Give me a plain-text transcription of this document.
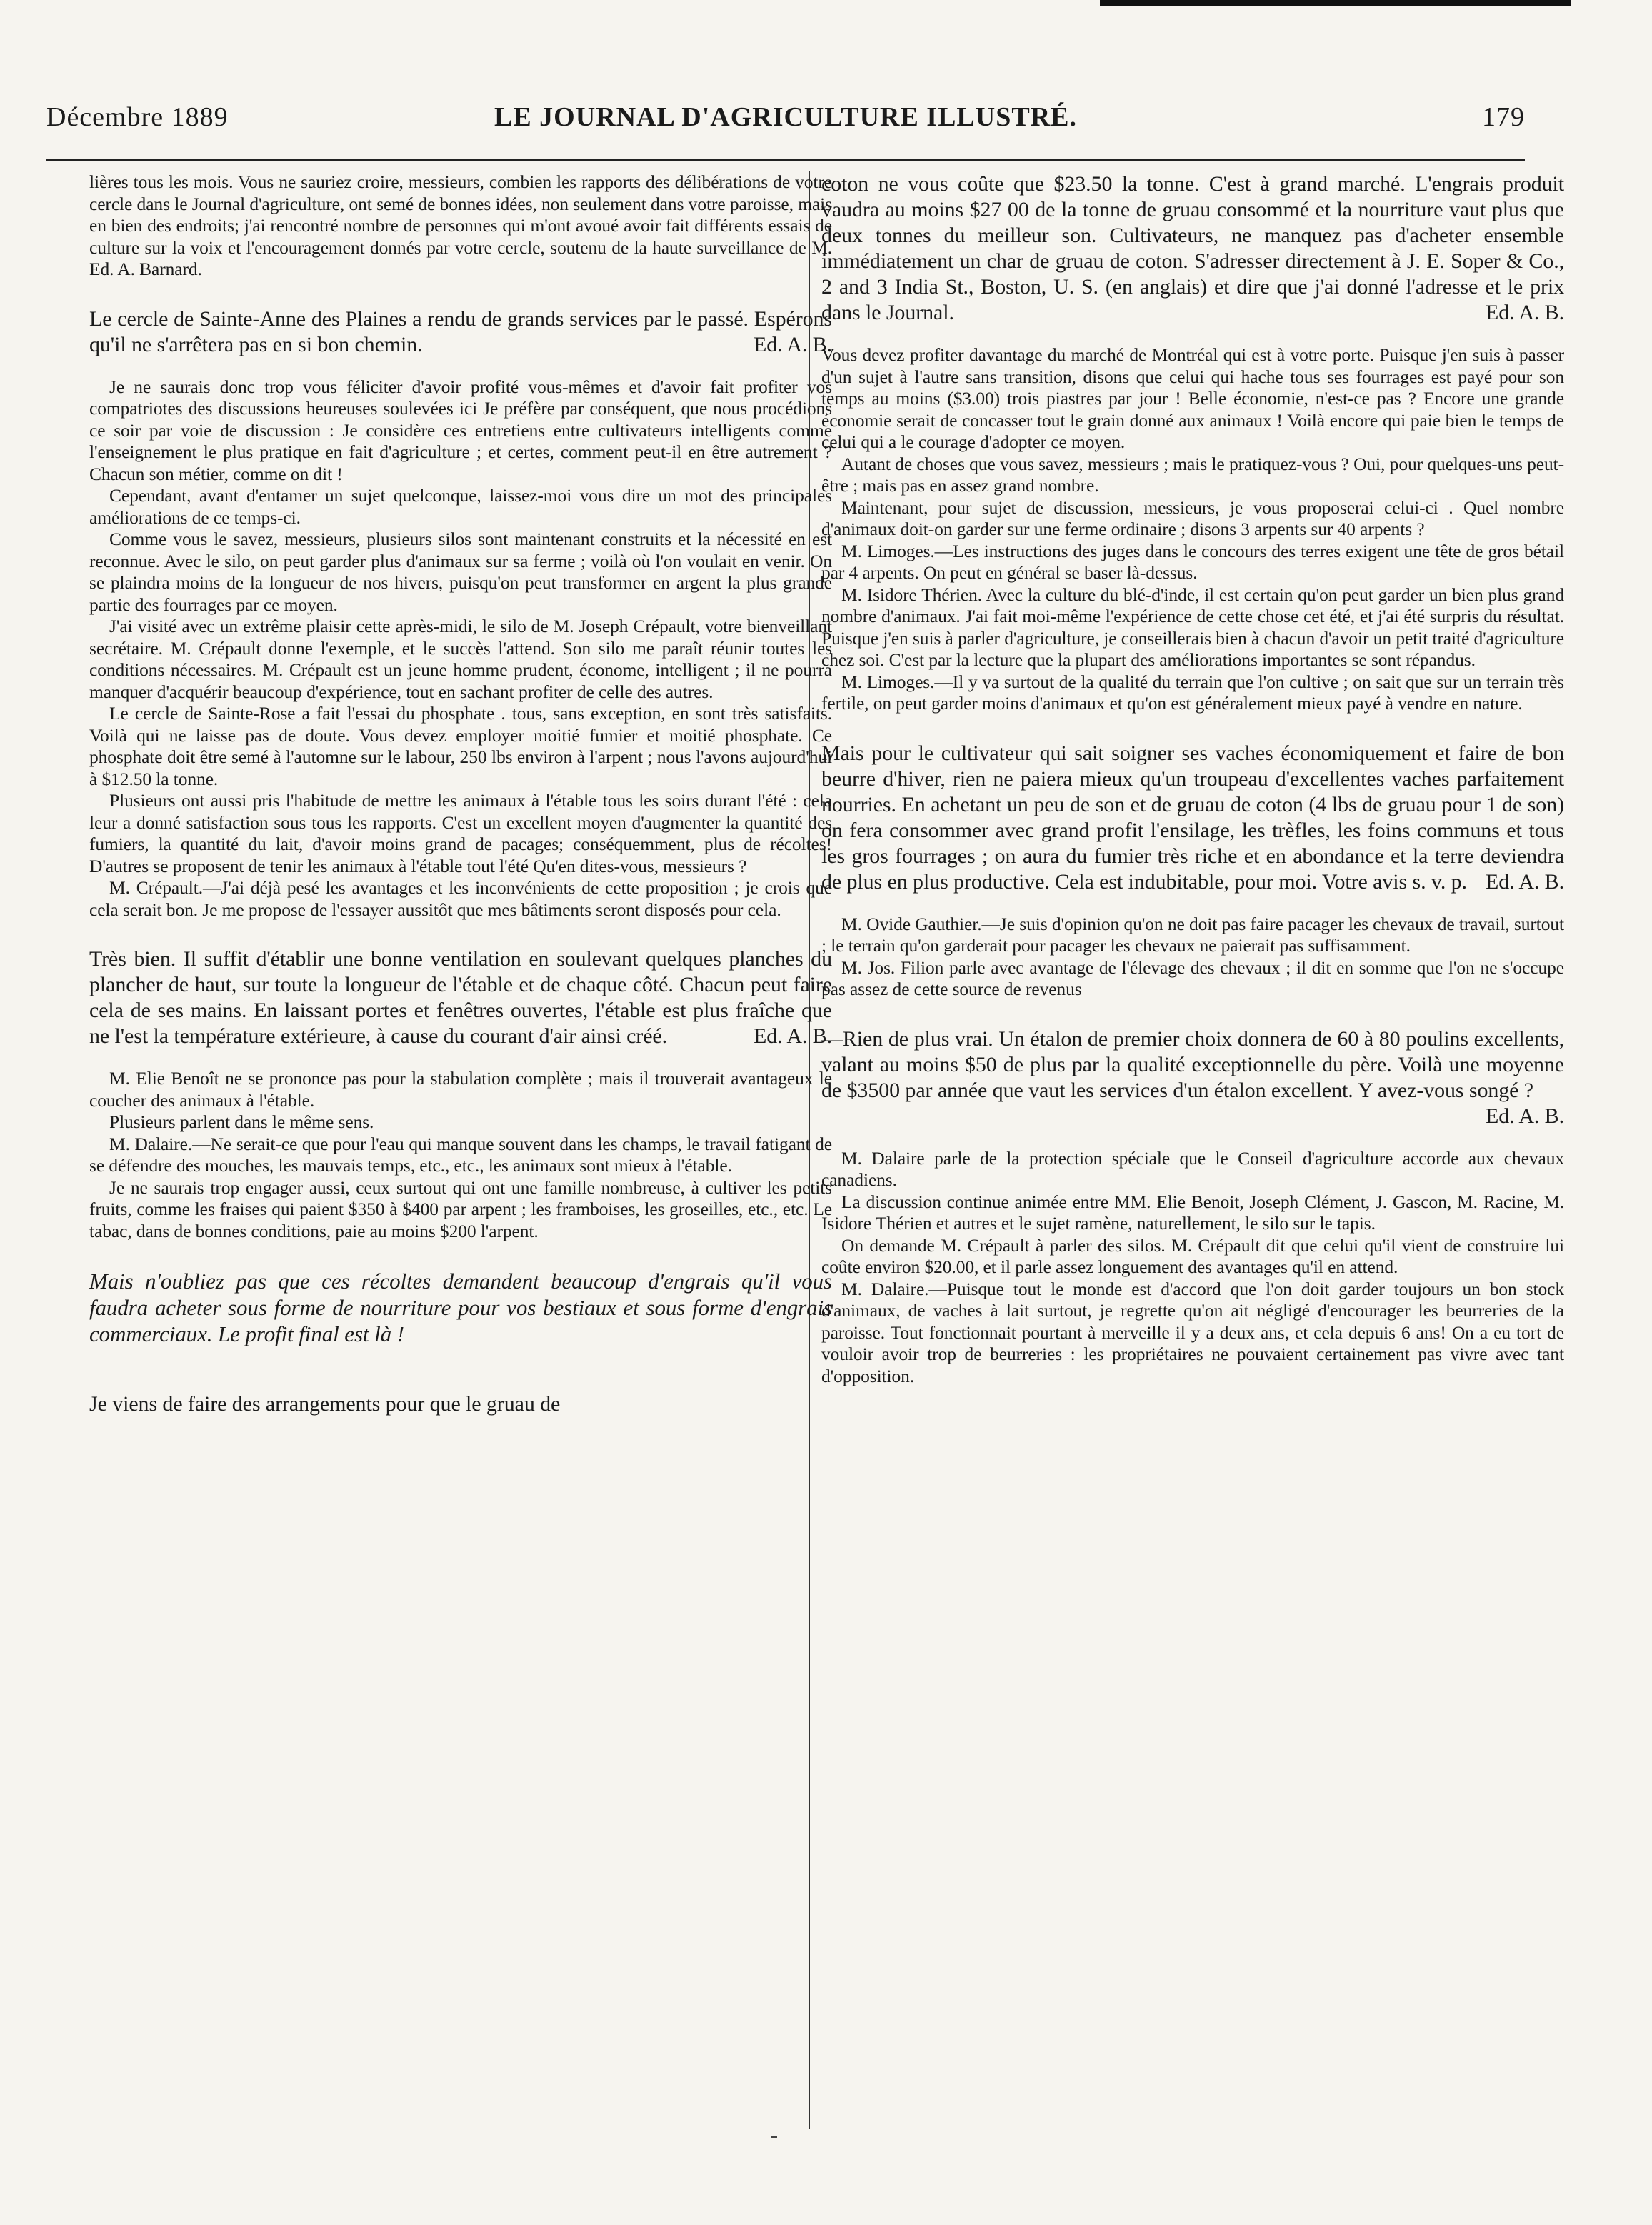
Décembre 1889	LE JOURNAL D'AGRICULTURE ILLUSTRÉ.	179

lières tous les mois. Vous ne sauriez croire, messieurs, combien les rapports des délibérations de votre cercle dans le Journal d'agriculture, ont semé de bonnes idées, non seulement dans votre paroisse, mais en bien des endroits; j'ai rencontré nombre de personnes qui m'ont avoué avoir fait différents essais de culture sur la voix et l'encouragement donnés par votre cercle, soutenu de la haute surveillance de M. Ed. A. Barnard.

Le cercle de Sainte-Anne des Plaines a rendu de grands services par le passé. Espérons qu'il ne s'arrêtera pas en si bon chemin.	Ed. A. B.

Je ne saurais donc trop vous féliciter d'avoir profité vous-mêmes et d'avoir fait profiter vos compatriotes des discussions heureuses soulevées ici Je préfère par conséquent, que nous procédions ce soir par voie de discussion : Je considère ces entretiens entre cultivateurs intelligents comme l'enseignement le plus pratique en fait d'agriculture ; et certes, comment peut-il en être autrement ? Chacun son métier, comme on dit !

Cependant, avant d'entamer un sujet quelconque, laissez-moi vous dire un mot des principales améliorations de ce temps-ci.

Comme vous le savez, messieurs, plusieurs silos sont maintenant construits et la nécessité en est reconnue. Avec le silo, on peut garder plus d'animaux sur sa ferme ; voilà où l'on voulait en venir. On se plaindra moins de la longueur de nos hivers, puisqu'on peut transformer en argent la plus grande partie des fourrages par ce moyen.

J'ai visité avec un extrême plaisir cette après-midi, le silo de M. Joseph Crépault, votre bienveillant secrétaire. M. Crépault donne l'exemple, et le succès l'attend. Son silo me paraît réunir toutes les conditions nécessaires. M. Crépault est un jeune homme prudent, économe, intelligent ; il ne pourra manquer d'acquérir beaucoup d'expérience, tout en sachant profiter de celle des autres.

Le cercle de Sainte-Rose a fait l'essai du phosphate . tous, sans exception, en sont très satisfaits. Voilà qui ne laisse pas de doute. Vous devez employer moitié fumier et moitié phosphate. Ce phosphate doit être semé à l'automne sur le labour, 250 lbs environ à l'arpent ; nous l'avons aujourd'hui à $12.50 la tonne.

Plusieurs ont aussi pris l'habitude de mettre les animaux à l'étable tous les soirs durant l'été : cela leur a donné satisfaction sous tous les rapports. C'est un excellent moyen d'augmenter la quantité des fumiers, la quantité du lait, d'avoir moins grand de pacages; conséquemment, plus de récoltes! D'autres se proposent de tenir les animaux à l'étable tout l'été Qu'en dites-vous, messieurs ?

M. Crépault.—J'ai déjà pesé les avantages et les inconvénients de cette proposition ; je crois que cela serait bon. Je me propose de l'essayer aussitôt que mes bâtiments seront disposés pour cela.

Très bien. Il suffit d'établir une bonne ventilation en soulevant quelques planches du plancher de haut, sur toute la longueur de l'étable et de chaque côté. Chacun peut faire cela de ses mains. En laissant portes et fenêtres ouvertes, l'étable est plus fraîche que ne l'est la température extérieure, à cause du courant d'air ainsi créé.	Ed. A. B.

M. Elie Benoît ne se prononce pas pour la stabulation complète ; mais il trouverait avantageux le coucher des animaux à l'étable.

Plusieurs parlent dans le même sens.

M. Dalaire.—Ne serait-ce que pour l'eau qui manque souvent dans les champs, le travail fatigant de se défendre des mouches, les mauvais temps, etc., etc., les animaux sont mieux à l'étable.

Je ne saurais trop engager aussi, ceux surtout qui ont une famille nombreuse, à cultiver les petits fruits, comme les fraises qui paient $350 à $400 par arpent ; les framboises, les groseilles, etc., etc. Le tabac, dans de bonnes conditions, paie au moins $200 l'arpent.

Mais n'oubliez pas que ces récoltes demandent beaucoup d'engrais qu'il vous faudra acheter sous forme de nourriture pour vos bestiaux et sous forme d'engrais commerciaux. Le profit final est là !

Je viens de faire des arrangements pour que le gruau de

coton ne vous coûte que $23.50 la tonne. C'est à grand marché. L'engrais produit vaudra au moins $27 00 de la tonne de gruau consommé et la nourriture vaut plus que deux tonnes du meilleur son. Cultivateurs, ne manquez pas d'acheter ensemble immédiatement un char de gruau de coton. S'adresser directement à J. E. Soper & Co., 2 and 3 India St., Boston, U. S. (en anglais) et dire que j'ai donné l'adresse et le prix dans le Journal.	Ed. A. B.

Vous devez profiter davantage du marché de Montréal qui est à votre porte. Puisque j'en suis à passer d'un sujet à l'autre sans transition, disons que celui qui hache tous ses fourrages est payé pour son temps au moins ($3.00) trois piastres par jour ! Belle économie, n'est-ce pas ? Encore une grande économie serait de concasser tout le grain donné aux animaux ! Voilà encore qui paie bien le temps de celui qui a le courage d'adopter ce moyen.

Autant de choses que vous savez, messieurs ; mais le pratiquez-vous ? Oui, pour quelques-uns peut-être ; mais pas en assez grand nombre.

Maintenant, pour sujet de discussion, messieurs, je vous proposerai celui-ci . Quel nombre d'animaux doit-on garder sur une ferme ordinaire ; disons 3 arpents sur 40 arpents ?

M. Limoges.—Les instructions des juges dans le concours des terres exigent une tête de gros bétail par 4 arpents. On peut en général se baser là-dessus.

M. Isidore Thérien. Avec la culture du blé-d'inde, il est certain qu'on peut garder un bien plus grand nombre d'animaux. J'ai fait moi-même l'expérience de cette chose cet été, et j'ai été surpris du résultat. Puisque j'en suis à parler d'agriculture, je conseillerais bien à chacun d'avoir un petit traité d'agriculture chez soi. C'est par la lecture que la plupart des améliorations importantes se sont répandus.

M. Limoges.—Il y va surtout de la qualité du terrain que l'on cultive ; on sait que sur un terrain très fertile, on peut garder moins d'animaux et qu'on est généralement mieux payé à vendre en nature.

Mais pour le cultivateur qui sait soigner ses vaches économiquement et faire de bon beurre d'hiver, rien ne paiera mieux qu'un troupeau d'excellentes vaches parfaitement nourries. En achetant un peu de son et de gruau de coton (4 lbs de gruau pour 1 de son) on fera consommer avec grand profit l'ensilage, les trèfles, les foins communs et tous les gros fourrages ; on aura du fumier très riche et en abondance et la terre deviendra de plus en plus productive. Cela est indubitable, pour moi. Votre avis s. v. p. Ed. A. B.

M. Ovide Gauthier.—Je suis d'opinion qu'on ne doit pas faire pacager les chevaux de travail, surtout ; le terrain qu'on garderait pour pacager les chevaux ne paierait pas suffisamment.

M. Jos. Filion parle avec avantage de l'élevage des chevaux ; il dit en somme que l'on ne s'occupe pas assez de cette source de revenus

—Rien de plus vrai. Un étalon de premier choix donnera de 60 à 80 poulins excellents, valant au moins $50 de plus par la qualité exceptionnelle du père. Voilà une moyenne de $3500 par année que vaut les services d'un étalon excellent. Y avez-vous songé ?
Ed. A. B.

M. Dalaire parle de la protection spéciale que le Conseil d'agriculture accorde aux chevaux canadiens.

La discussion continue animée entre MM. Elie Benoit, Joseph Clément, J. Gascon, M. Racine, M. Isidore Thérien et autres et le sujet ramène, naturellement, le silo sur le tapis.

On demande M. Crépault à parler des silos. M. Crépault dit que celui qu'il vient de construire lui coûte environ $20.00, et il parle assez longuement des avantages qu'il en attend.

M. Dalaire.—Puisque tout le monde est d'accord que l'on doit garder toujours un bon stock d'animaux, de vaches à lait surtout, je regrette qu'on ait négligé d'encourager les beurreries de la paroisse. Tout fonctionnait pourtant à merveille il y a deux ans, et cela depuis 6 ans! On a eu tort de vouloir avoir trop de beurreries : les propriétaires ne pouvaient certainement pas vivre avec tant d'opposition.
